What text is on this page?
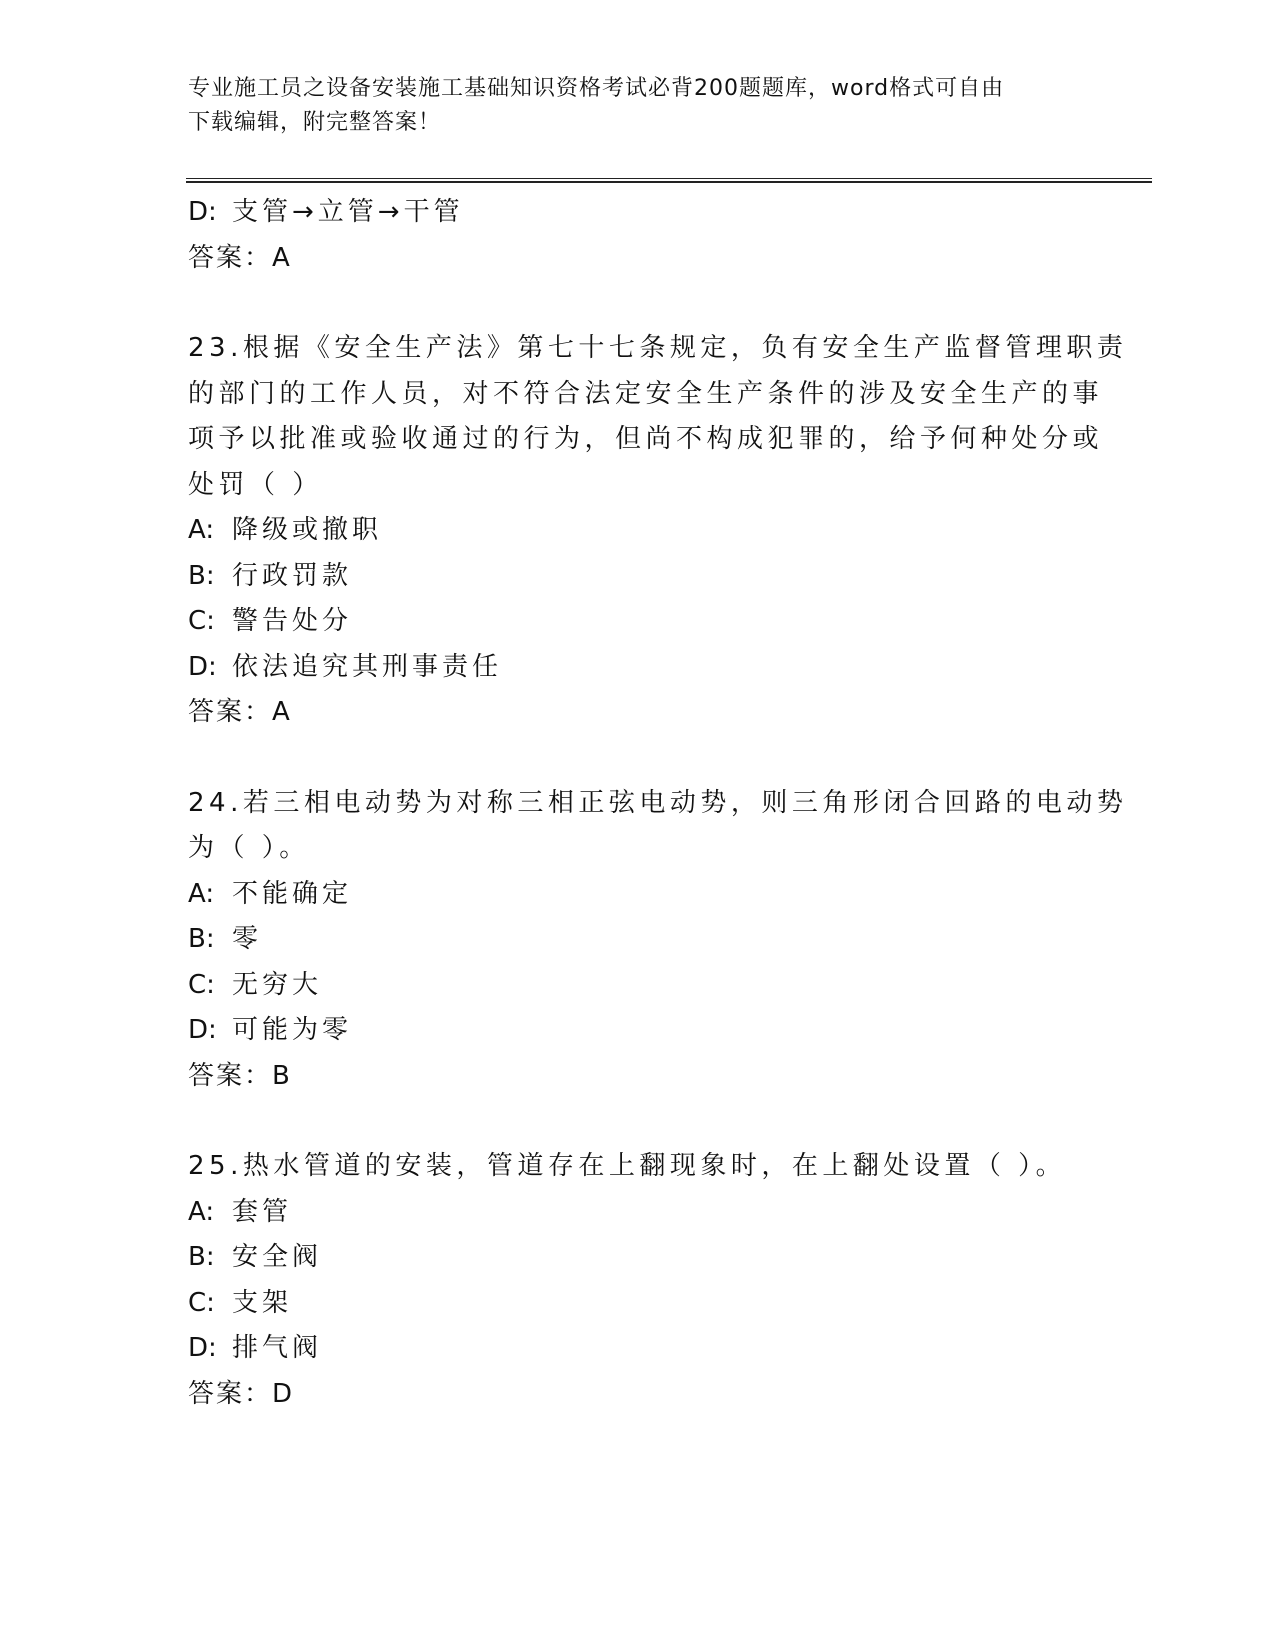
专业施工员之设备安装施工基础知识资格考试必背200题题库，word格式可自由
下载编辑，附完整答案！
D: 支管→立管→干管
答案：A
23.根据《安全生产法》第七十七条规定，负有安全生产监督管理职责
的部门的工作人员，对不符合法定安全生产条件的涉及安全生产的事
项予以批准或验收通过的行为，但尚不构成犯罪的，给予何种处分或
处罚（ ）
A: 降级或撤职
B: 行政罚款
C: 警告处分
D: 依法追究其刑事责任
答案：A
24.若三相电动势为对称三相正弦电动势，则三角形闭合回路的电动势
为（ ）。
A: 不能确定
B: 零
C: 无穷大
D: 可能为零
答案：B
25.热水管道的安装，管道存在上翻现象时，在上翻处设置（ ）。
A: 套管
B: 安全阀
C: 支架
D: 排气阀
答案：D
